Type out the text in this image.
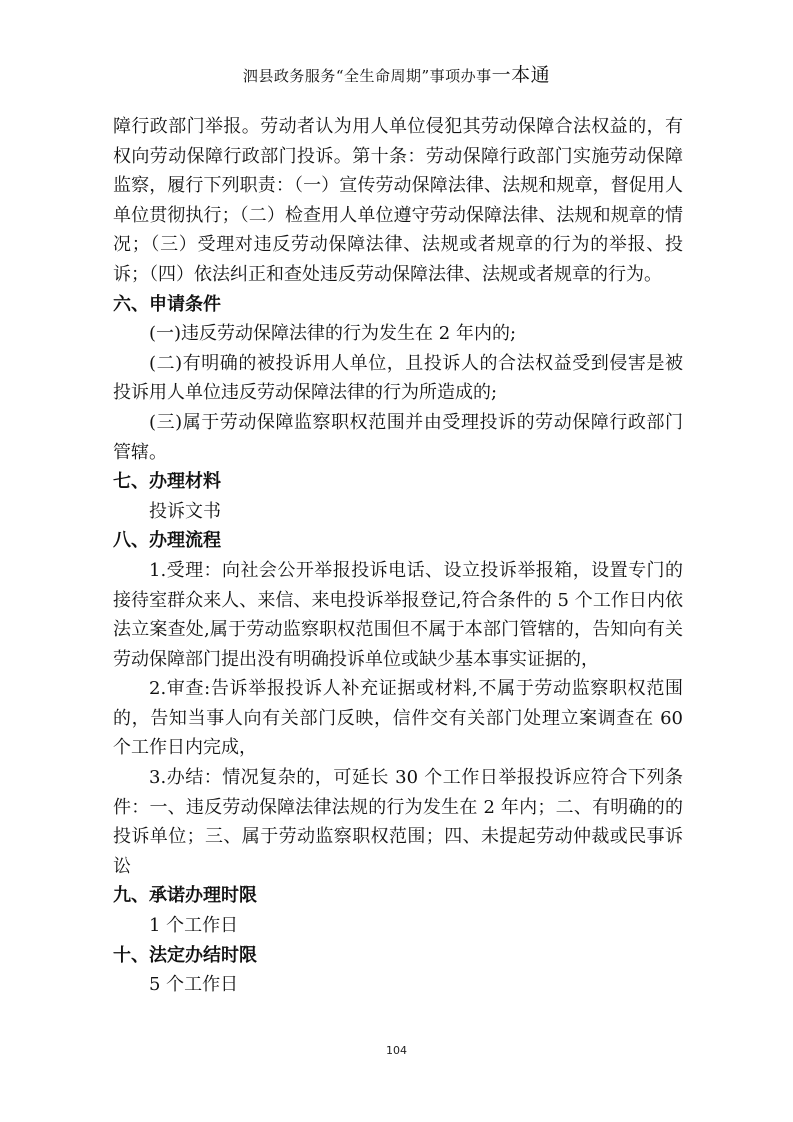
泗县政务服务“全生命周期”事项办事一本通

障行政部门举报。劳动者认为用人单位侵犯其劳动保障合法权益的，有权向劳动保障行政部门投诉。第十条：劳动保障行政部门实施劳动保障监察，履行下列职责：（一）宣传劳动保障法律、法规和规章，督促用人单位贯彻执行；（二）检查用人单位遵守劳动保障法律、法规和规章的情况；（三）受理对违反劳动保障法律、法规或者规章的行为的举报、投诉；（四）依法纠正和查处违反劳动保障法律、法规或者规章的行为。

六、申请条件

(一)违反劳动保障法律的行为发生在 2 年内的;

(二)有明确的被投诉用人单位，且投诉人的合法权益受到侵害是被投诉用人单位违反劳动保障法律的行为所造成的;

(三)属于劳动保障监察职权范围并由受理投诉的劳动保障行政部门管辖。

七、办理材料

投诉文书

八、办理流程

1.受理：向社会公开举报投诉电话、设立投诉举报箱，设置专门的接待室群众来人、来信、来电投诉举报登记,符合条件的 5 个工作日内依法立案查处,属于劳动监察职权范围但不属于本部门管辖的，告知向有关劳动保障部门提出没有明确投诉单位或缺少基本事实证据的，

2.审查:告诉举报投诉人补充证据或材料,不属于劳动监察职权范围的，告知当事人向有关部门反映，信件交有关部门处理立案调查在 60 个工作日内完成，

3.办结：情况复杂的，可延长 30 个工作日举报投诉应符合下列条件：一、违反劳动保障法律法规的行为发生在 2 年内；二、有明确的的投诉单位；三、属于劳动监察职权范围；四、未提起劳动仲裁或民事诉讼

九、承诺办理时限

1 个工作日

十、法定办结时限

5 个工作日

104
